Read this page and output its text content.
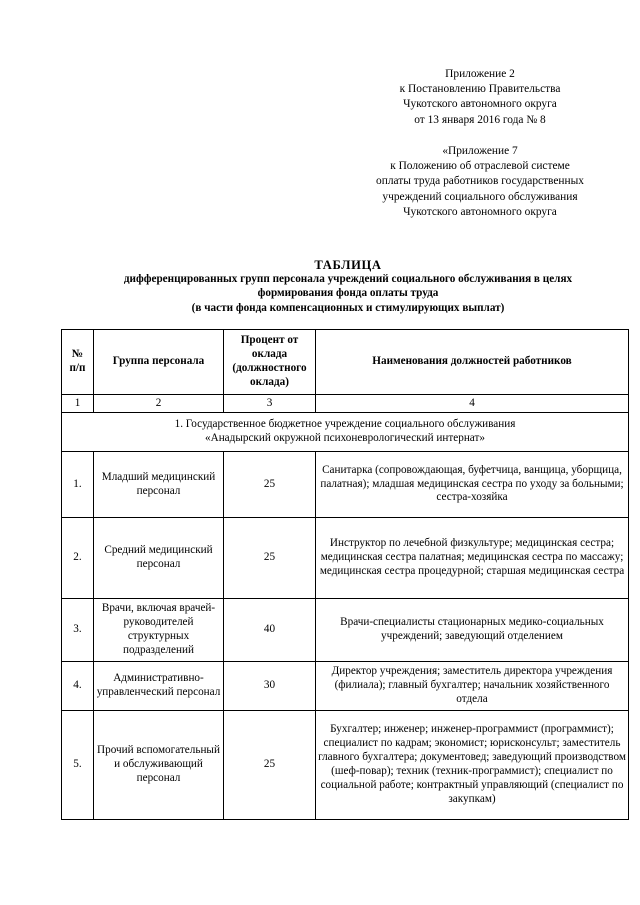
Приложение 2
к Постановлению Правительства
Чукотского автономного округа
от 13 января 2016 года № 8
«Приложение 7
к Положению об отраслевой системе
оплаты труда работников государственных
учреждений социального обслуживания
Чукотского автономного округа
ТАБЛИЦА
дифференцированных групп персонала учреждений социального обслуживания в целях
формирования фонда оплаты труда
(в части фонда компенсационных и стимулирующих выплат)
№
п/п	Группа персонала	Процент от оклада (должностного оклада)	Наименования должностей работников
1	2	3	4

1. Государственное бюджетное учреждение социального обслуживания
«Анадырский окружной психоневрологический интернат»			

1.	Младший медицинский персонал	25	Санитарка (сопровождающая, буфетчица, ванщица, уборщица, палатная); младшая медицинская сестра по уходу за больными; сестра-хозяйка
2.	Средний медицинский персонал	25	Инструктор по лечебной физкультуре; медицинская сестра; медицинская сестра палатная; медицинская сестра по массажу; медицинская сестра процедурной; старшая медицинская сестра
3.	Врачи, включая врачей-руководителей структурных подразделений	40	Врачи-специалисты стационарных медико-социальных учреждений; заведующий отделением
4.	Административно-управленческий персонал	30	Директор учреждения; заместитель директора учреждения (филиала); главный бухгалтер; начальник хозяйственного отдела
5.	Прочий вспомогательный и обслуживающий персонал	25	Бухгалтер; инженер; инженер-программист (программист); специалист по кадрам; экономист; юрисконсульт; заместитель главного бухгалтера; документовед; заведующий производством (шеф-повар); техник (техник-программист); специалист по социальной работе; контрактный управляющий (специалист по закупкам)
